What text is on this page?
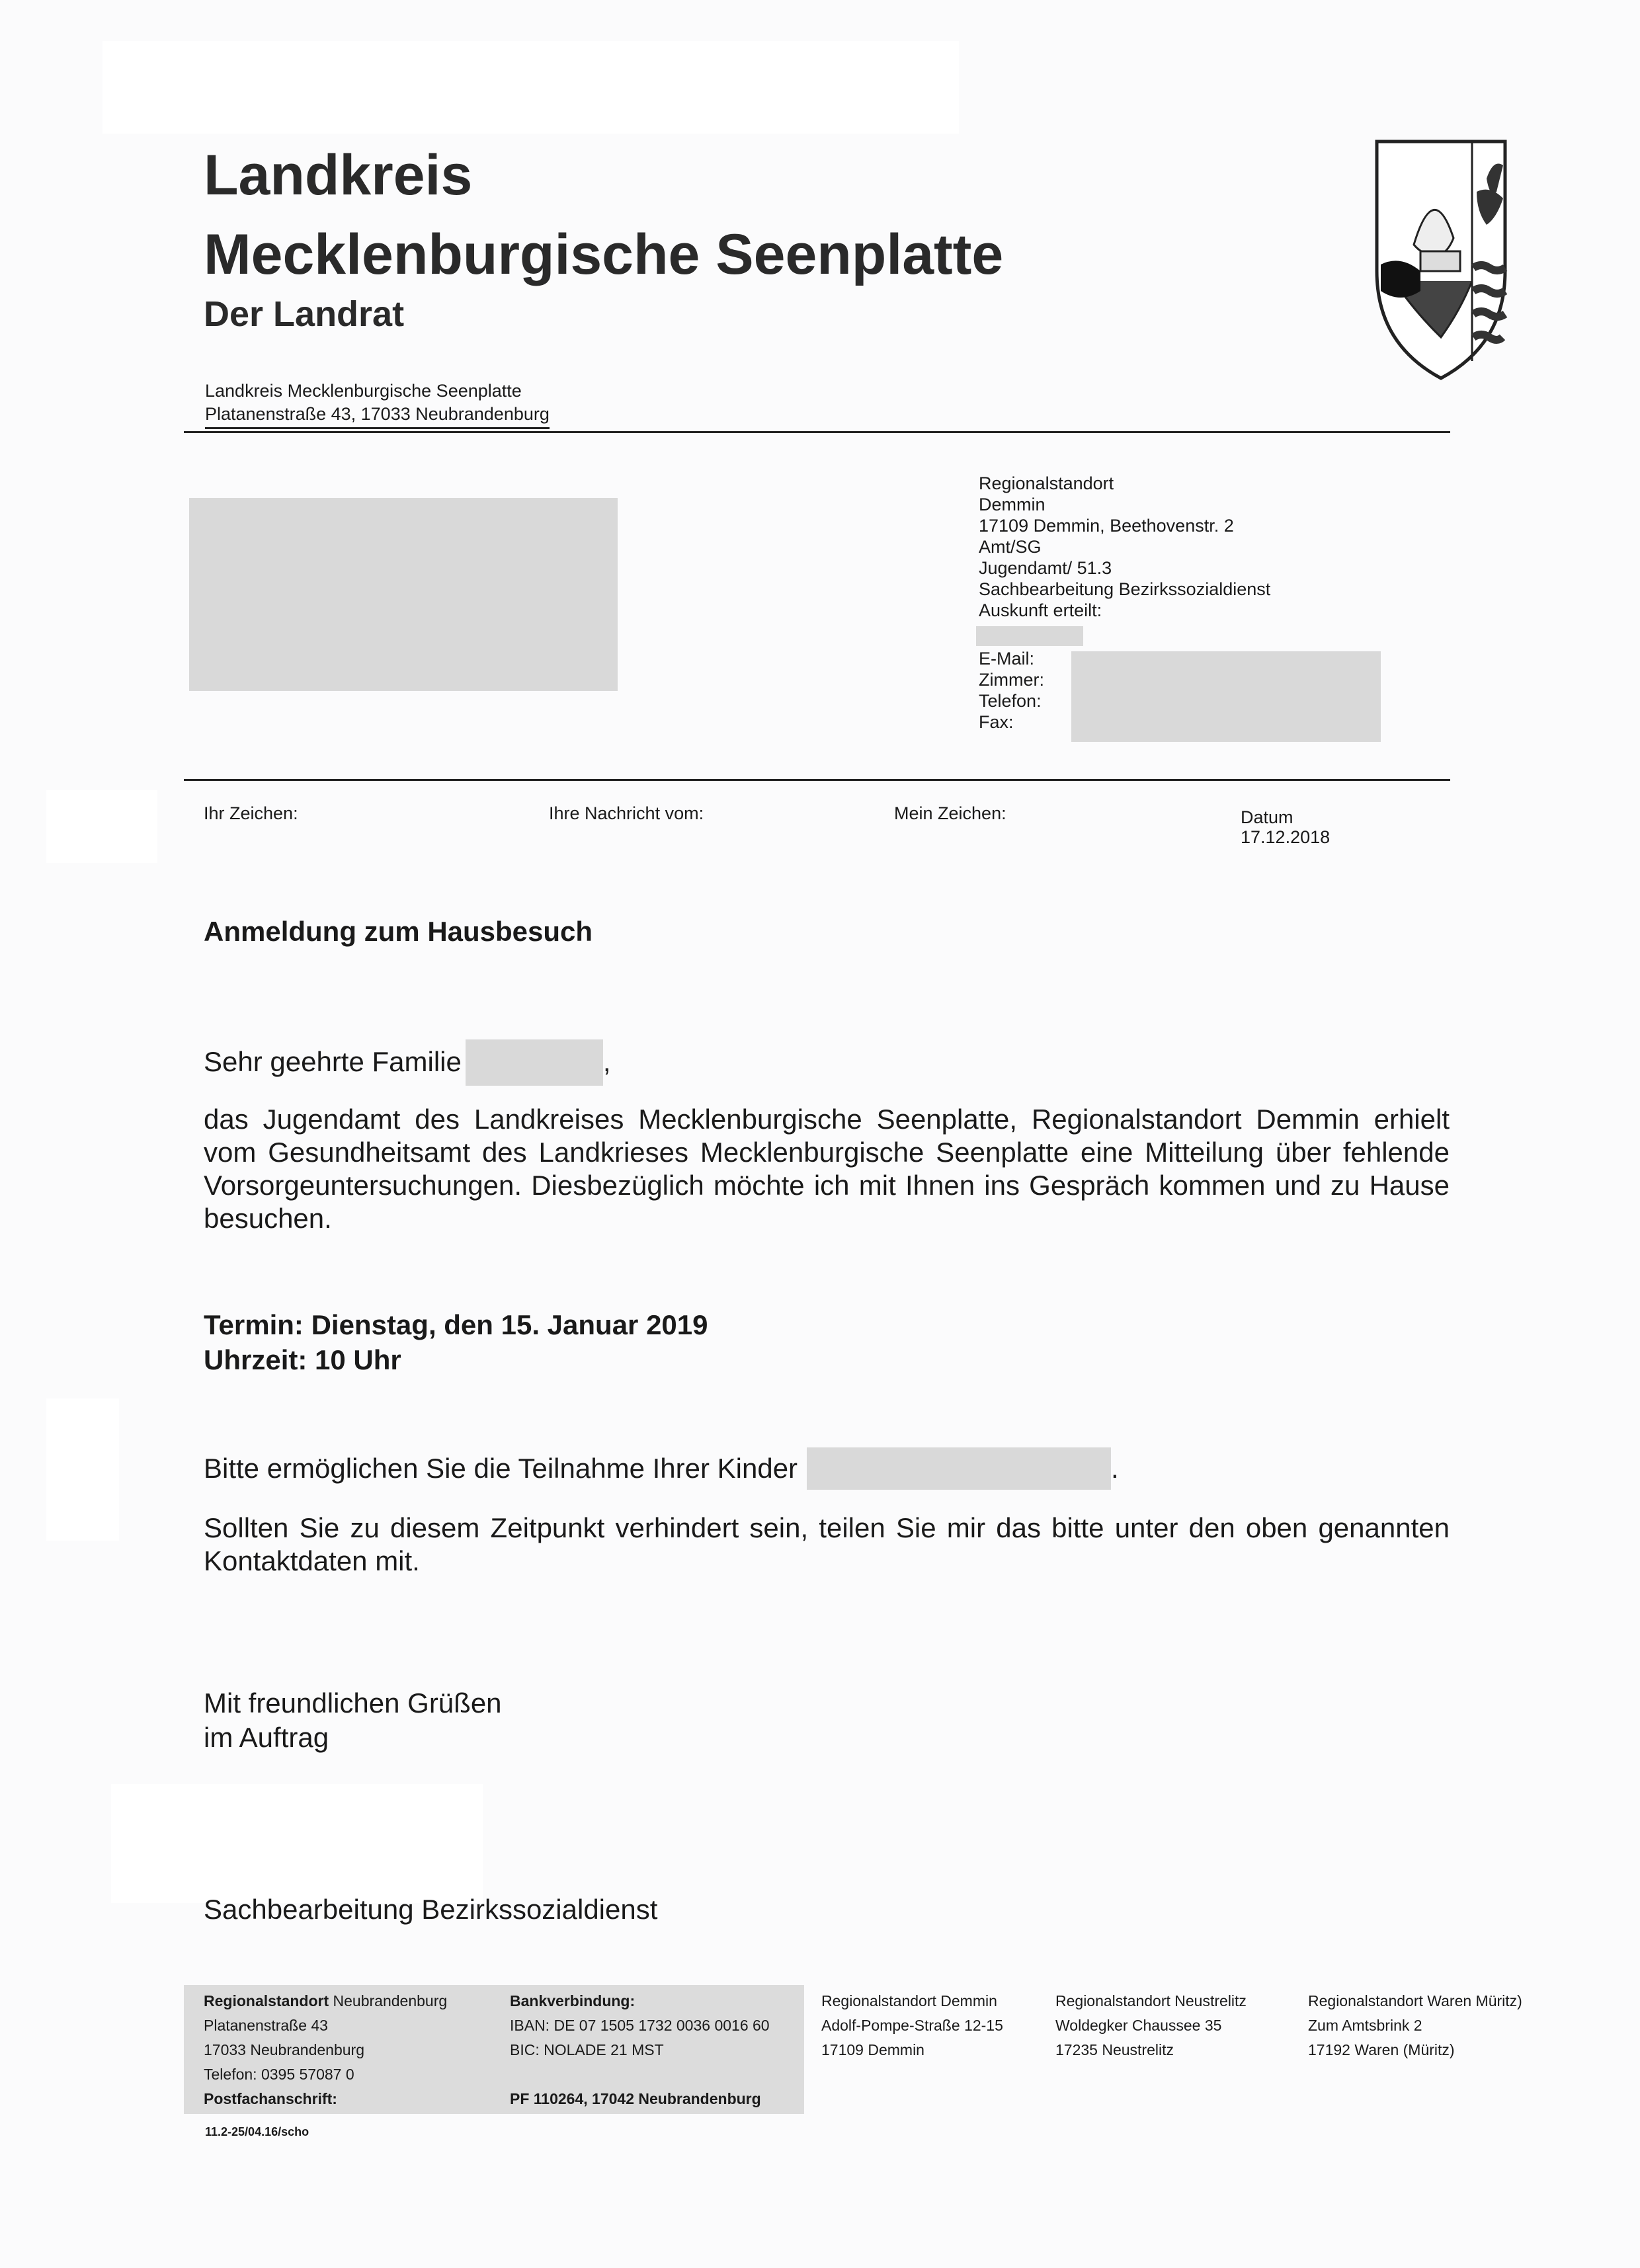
Landkreis
Mecklenburgische Seenplatte
Der Landrat
Landkreis Mecklenburgische Seenplatte
Platanenstraße 43, 17033 Neubrandenburg
Regionalstandort
Demmin
17109 Demmin, Beethovenstr. 2
Amt/SG
Jugendamt/ 51.3
Sachbearbeitung Bezirkssozialdienst
Auskunft erteilt:
E-Mail:
Zimmer:
Telefon:
Fax:
Ihr Zeichen:	Ihre Nachricht vom:	Mein Zeichen:	Datum
17.12.2018
Anmeldung zum Hausbesuch
Sehr geehrte Familie	,
das Jugendamt des Landkreises Mecklenburgische Seenplatte, Regionalstandort Demmin erhielt vom Gesundheitsamt des Landkrieses Mecklenburgische Seenplatte eine Mitteilung über fehlende Vorsorgeuntersuchungen. Diesbezüglich möchte ich mit Ihnen ins Gespräch kommen und zu Hause besuchen.
Termin: Dienstag, den 15. Januar 2019
Uhrzeit: 10 Uhr
Bitte ermöglichen Sie die Teilnahme Ihrer Kinder	.
Sollten Sie zu diesem Zeitpunkt verhindert sein, teilen Sie mir das bitte unter den oben genannten Kontaktdaten mit.
Mit freundlichen Grüßen
im Auftrag
Sachbearbeitung Bezirkssozialdienst
Regionalstandort Neubrandenburg
Platanenstraße 43
17033 Neubrandenburg
Telefon: 0395 57087 0
Postfachanschrift:
Bankverbindung:
IBAN: DE 07 1505 1732 0036 0016 60
BIC: NOLADE 21 MST

PF 110264, 17042 Neubrandenburg
Regionalstandort Demmin
Adolf-Pompe-Straße 12-15
17109 Demmin
Regionalstandort Neustrelitz
Woldegker Chaussee 35
17235 Neustrelitz
Regionalstandort Waren Müritz)
Zum Amtsbrink 2
17192 Waren (Müritz)
11.2-25/04.16/scho
